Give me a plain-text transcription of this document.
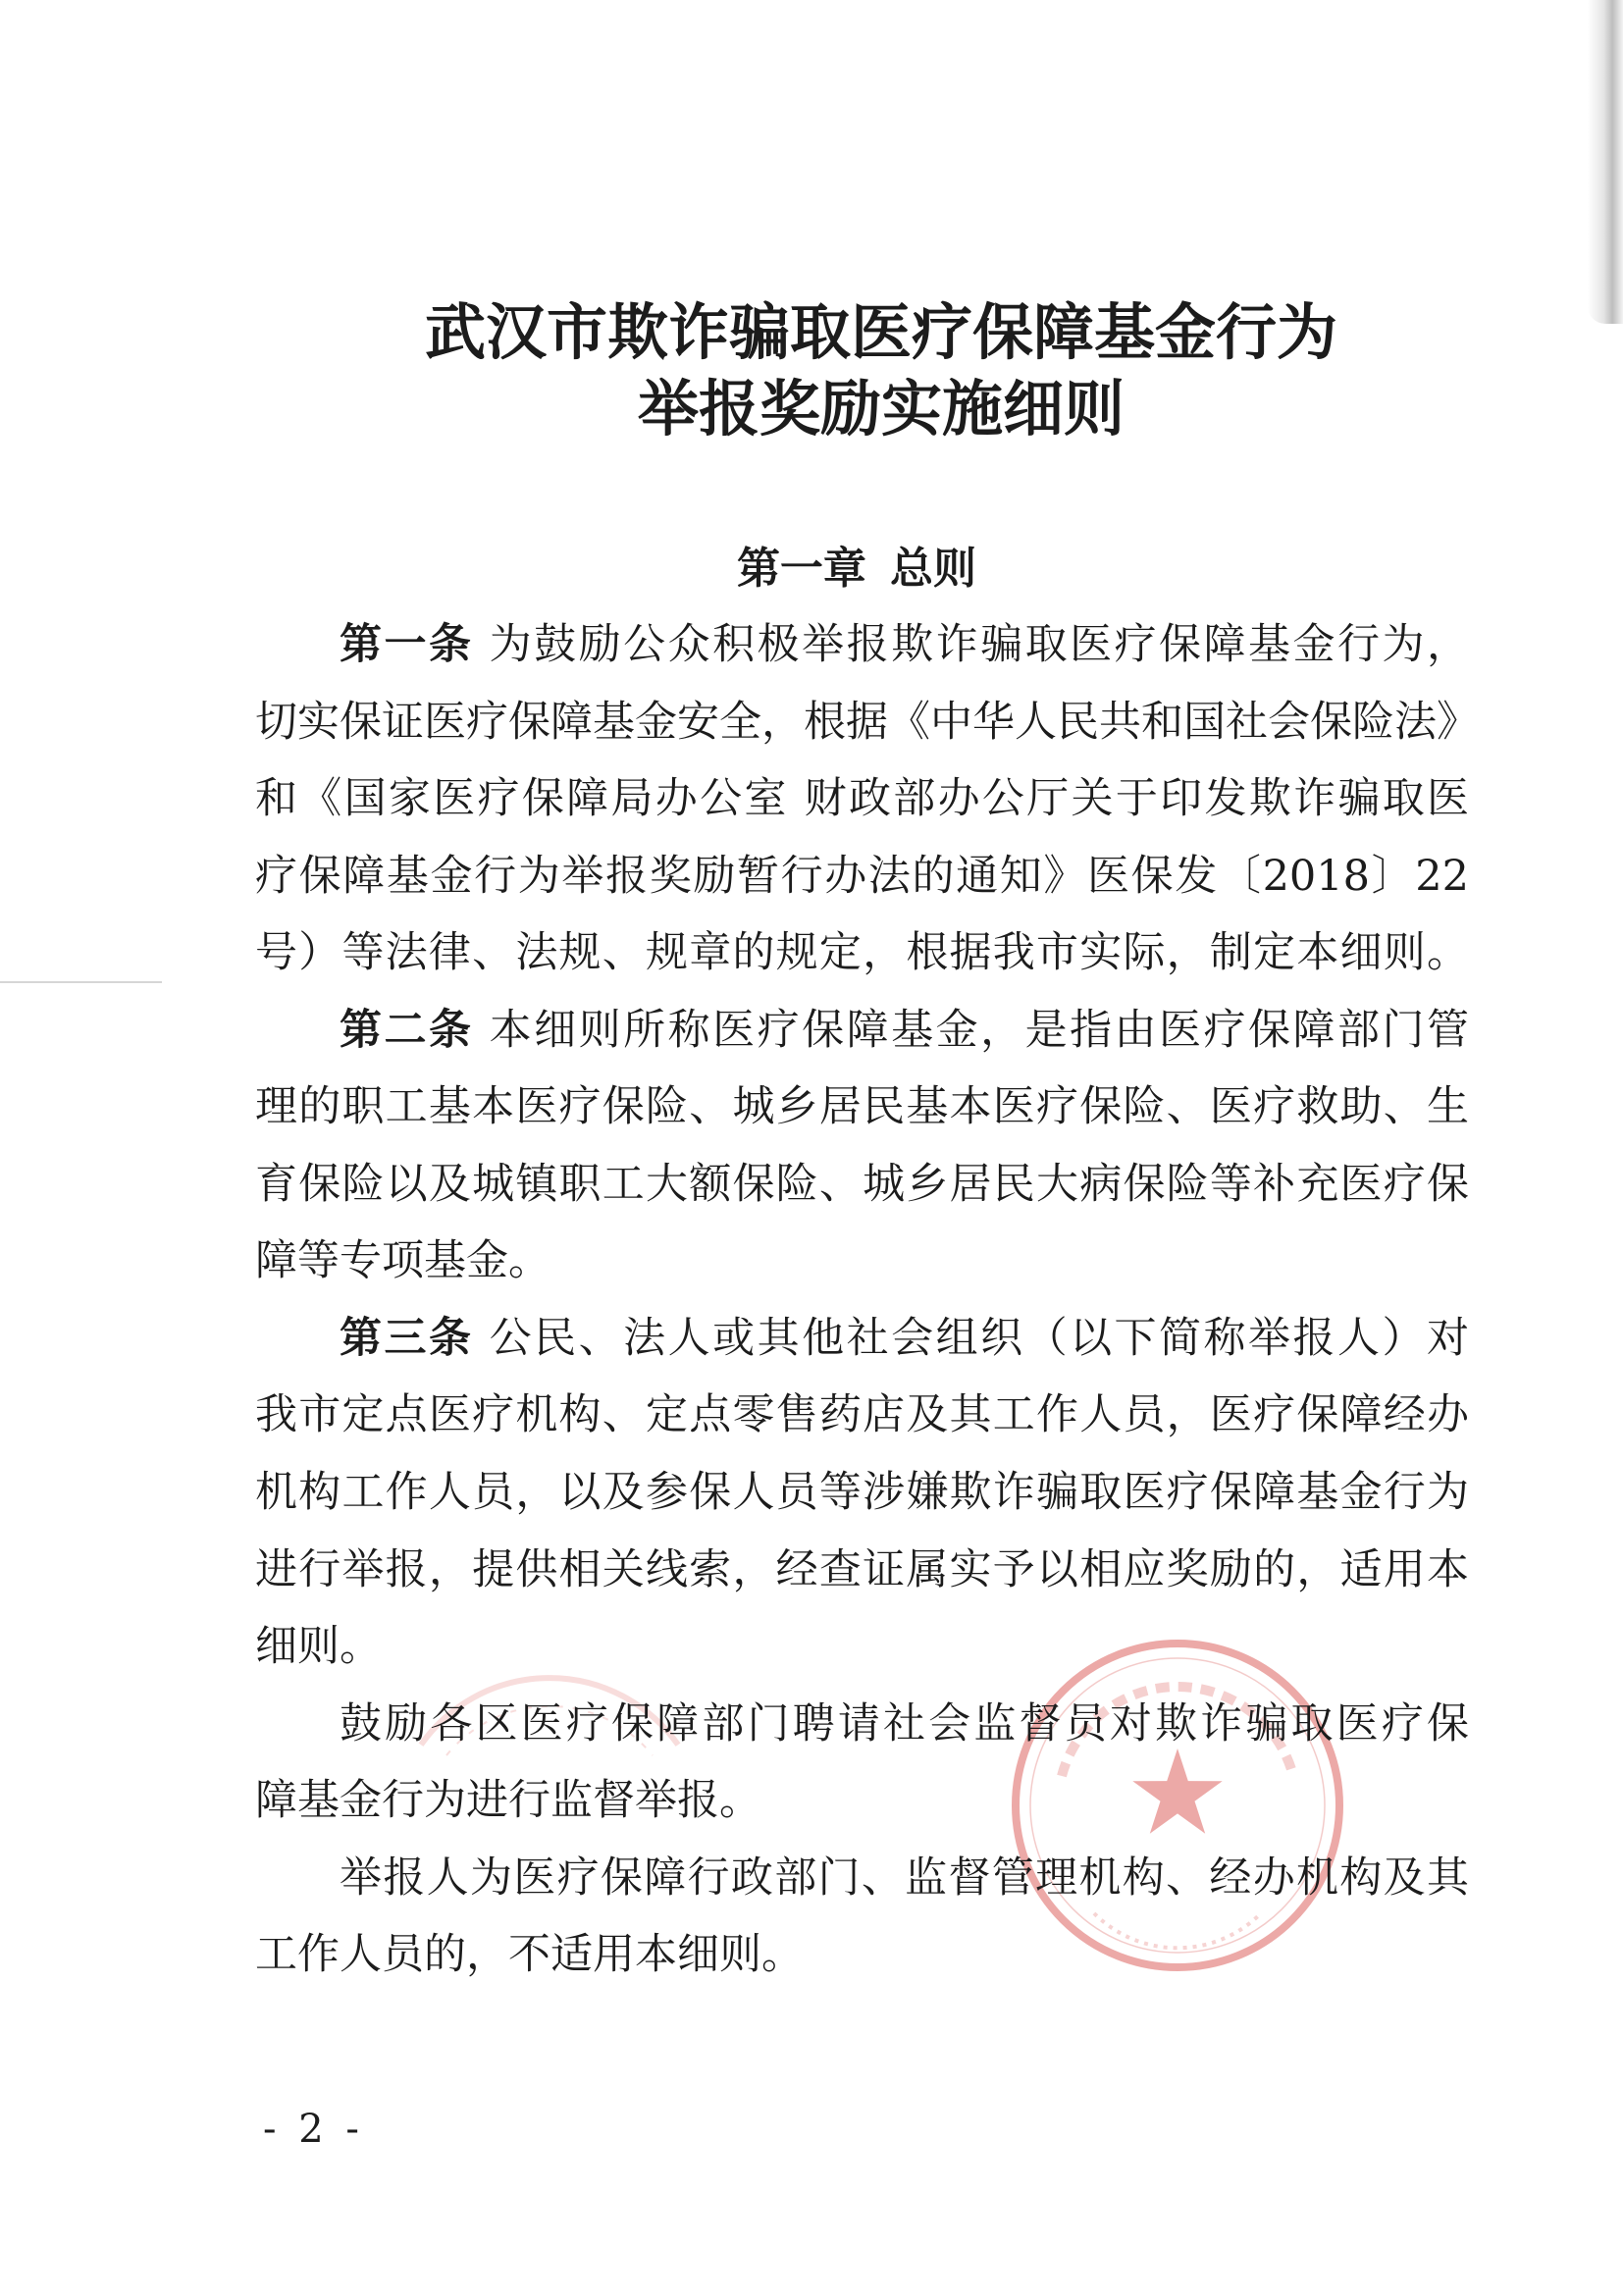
武汉市欺诈骗取医疗保障基金行为
举报奖励实施细则
第一章 总则
第一条 为鼓励公众积极举报欺诈骗取医疗保障基金行为，
切实保证医疗保障基金安全，根据《中华人民共和国社会保险法》
和《国家医疗保障局办公室 财政部办公厅关于印发欺诈骗取医
疗保障基金行为举报奖励暂行办法的通知》医保发〔2018〕22
号）等法律、法规、规章的规定，根据我市实际，制定本细则。
第二条 本细则所称医疗保障基金，是指由医疗保障部门管
理的职工基本医疗保险、城乡居民基本医疗保险、医疗救助、生
育保险以及城镇职工大额保险、城乡居民大病保险等补充医疗保
障等专项基金。
第三条 公民、法人或其他社会组织（以下简称举报人）对
我市定点医疗机构、定点零售药店及其工作人员，医疗保障经办
机构工作人员，以及参保人员等涉嫌欺诈骗取医疗保障基金行为
进行举报，提供相关线索，经查证属实予以相应奖励的，适用本
细则。
鼓励各区医疗保障部门聘请社会监督员对欺诈骗取医疗保
障基金行为进行监督举报。
举报人为医疗保障行政部门、监督管理机构、经办机构及其
工作人员的，不适用本细则。
- 2 -
